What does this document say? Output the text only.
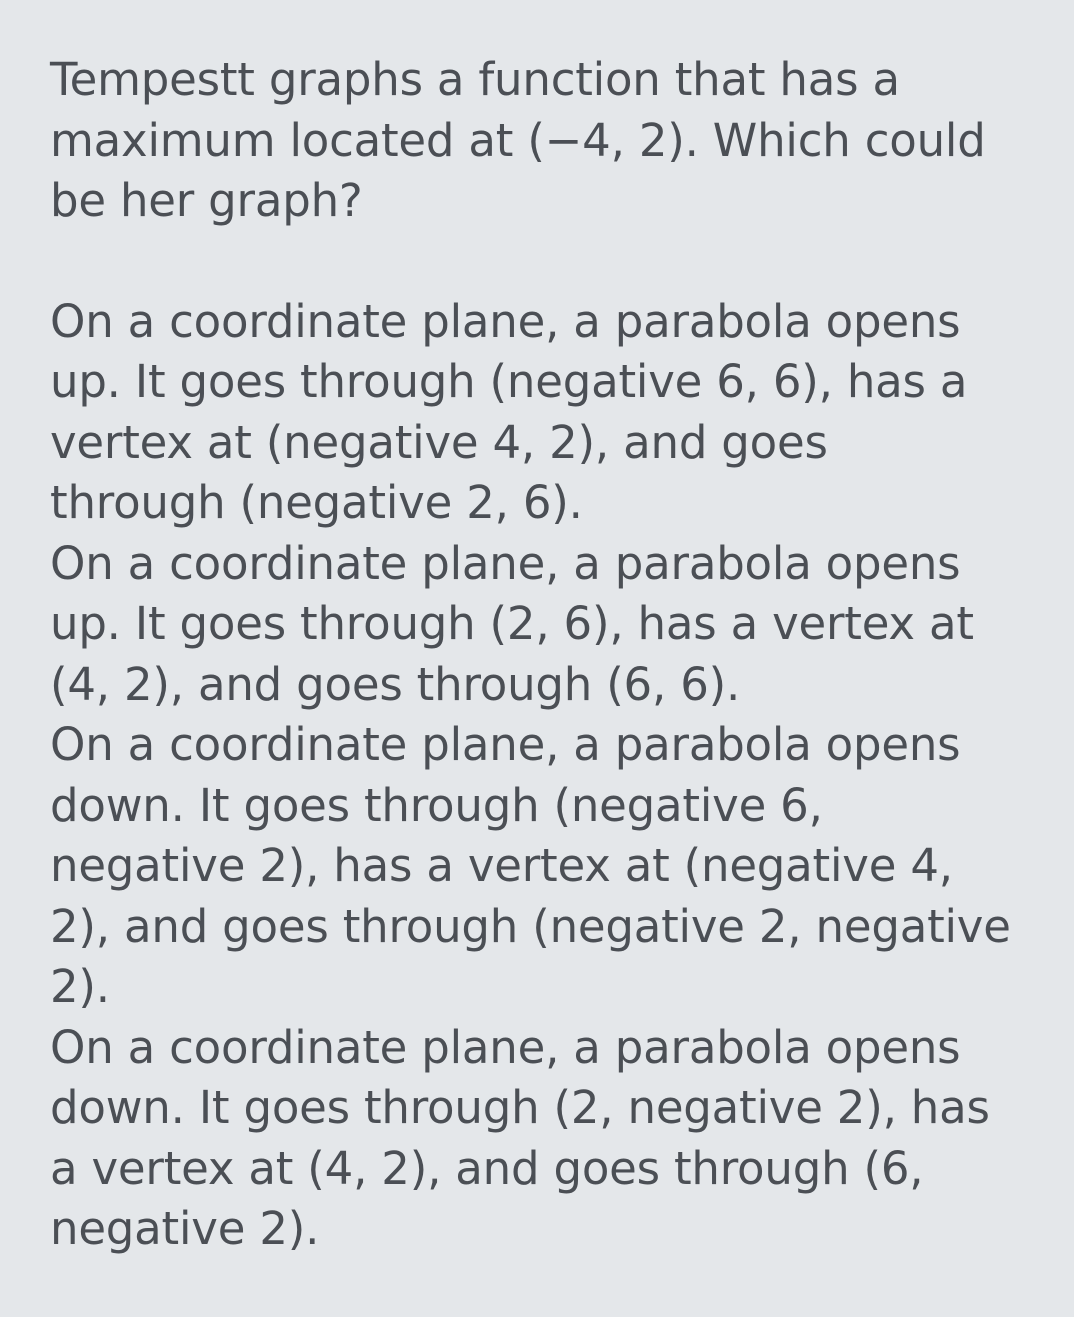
Tempestt graphs a function that has a maximum located at (−4, 2). Which could be her graph?

On a coordinate plane, a parabola opens up. It goes through (negative 6, 6), has a vertex at (negative 4, 2), and goes through (negative 2, 6).

On a coordinate plane, a parabola opens up. It goes through (2, 6), has a vertex at (4, 2), and goes through (6, 6).

On a coordinate plane, a parabola opens down. It goes through (negative 6, negative 2), has a vertex at (negative 4, 2), and goes through (negative 2, negative 2).

On a coordinate plane, a parabola opens down. It goes through (2, negative 2), has a vertex at (4, 2), and goes through (6, negative 2).
